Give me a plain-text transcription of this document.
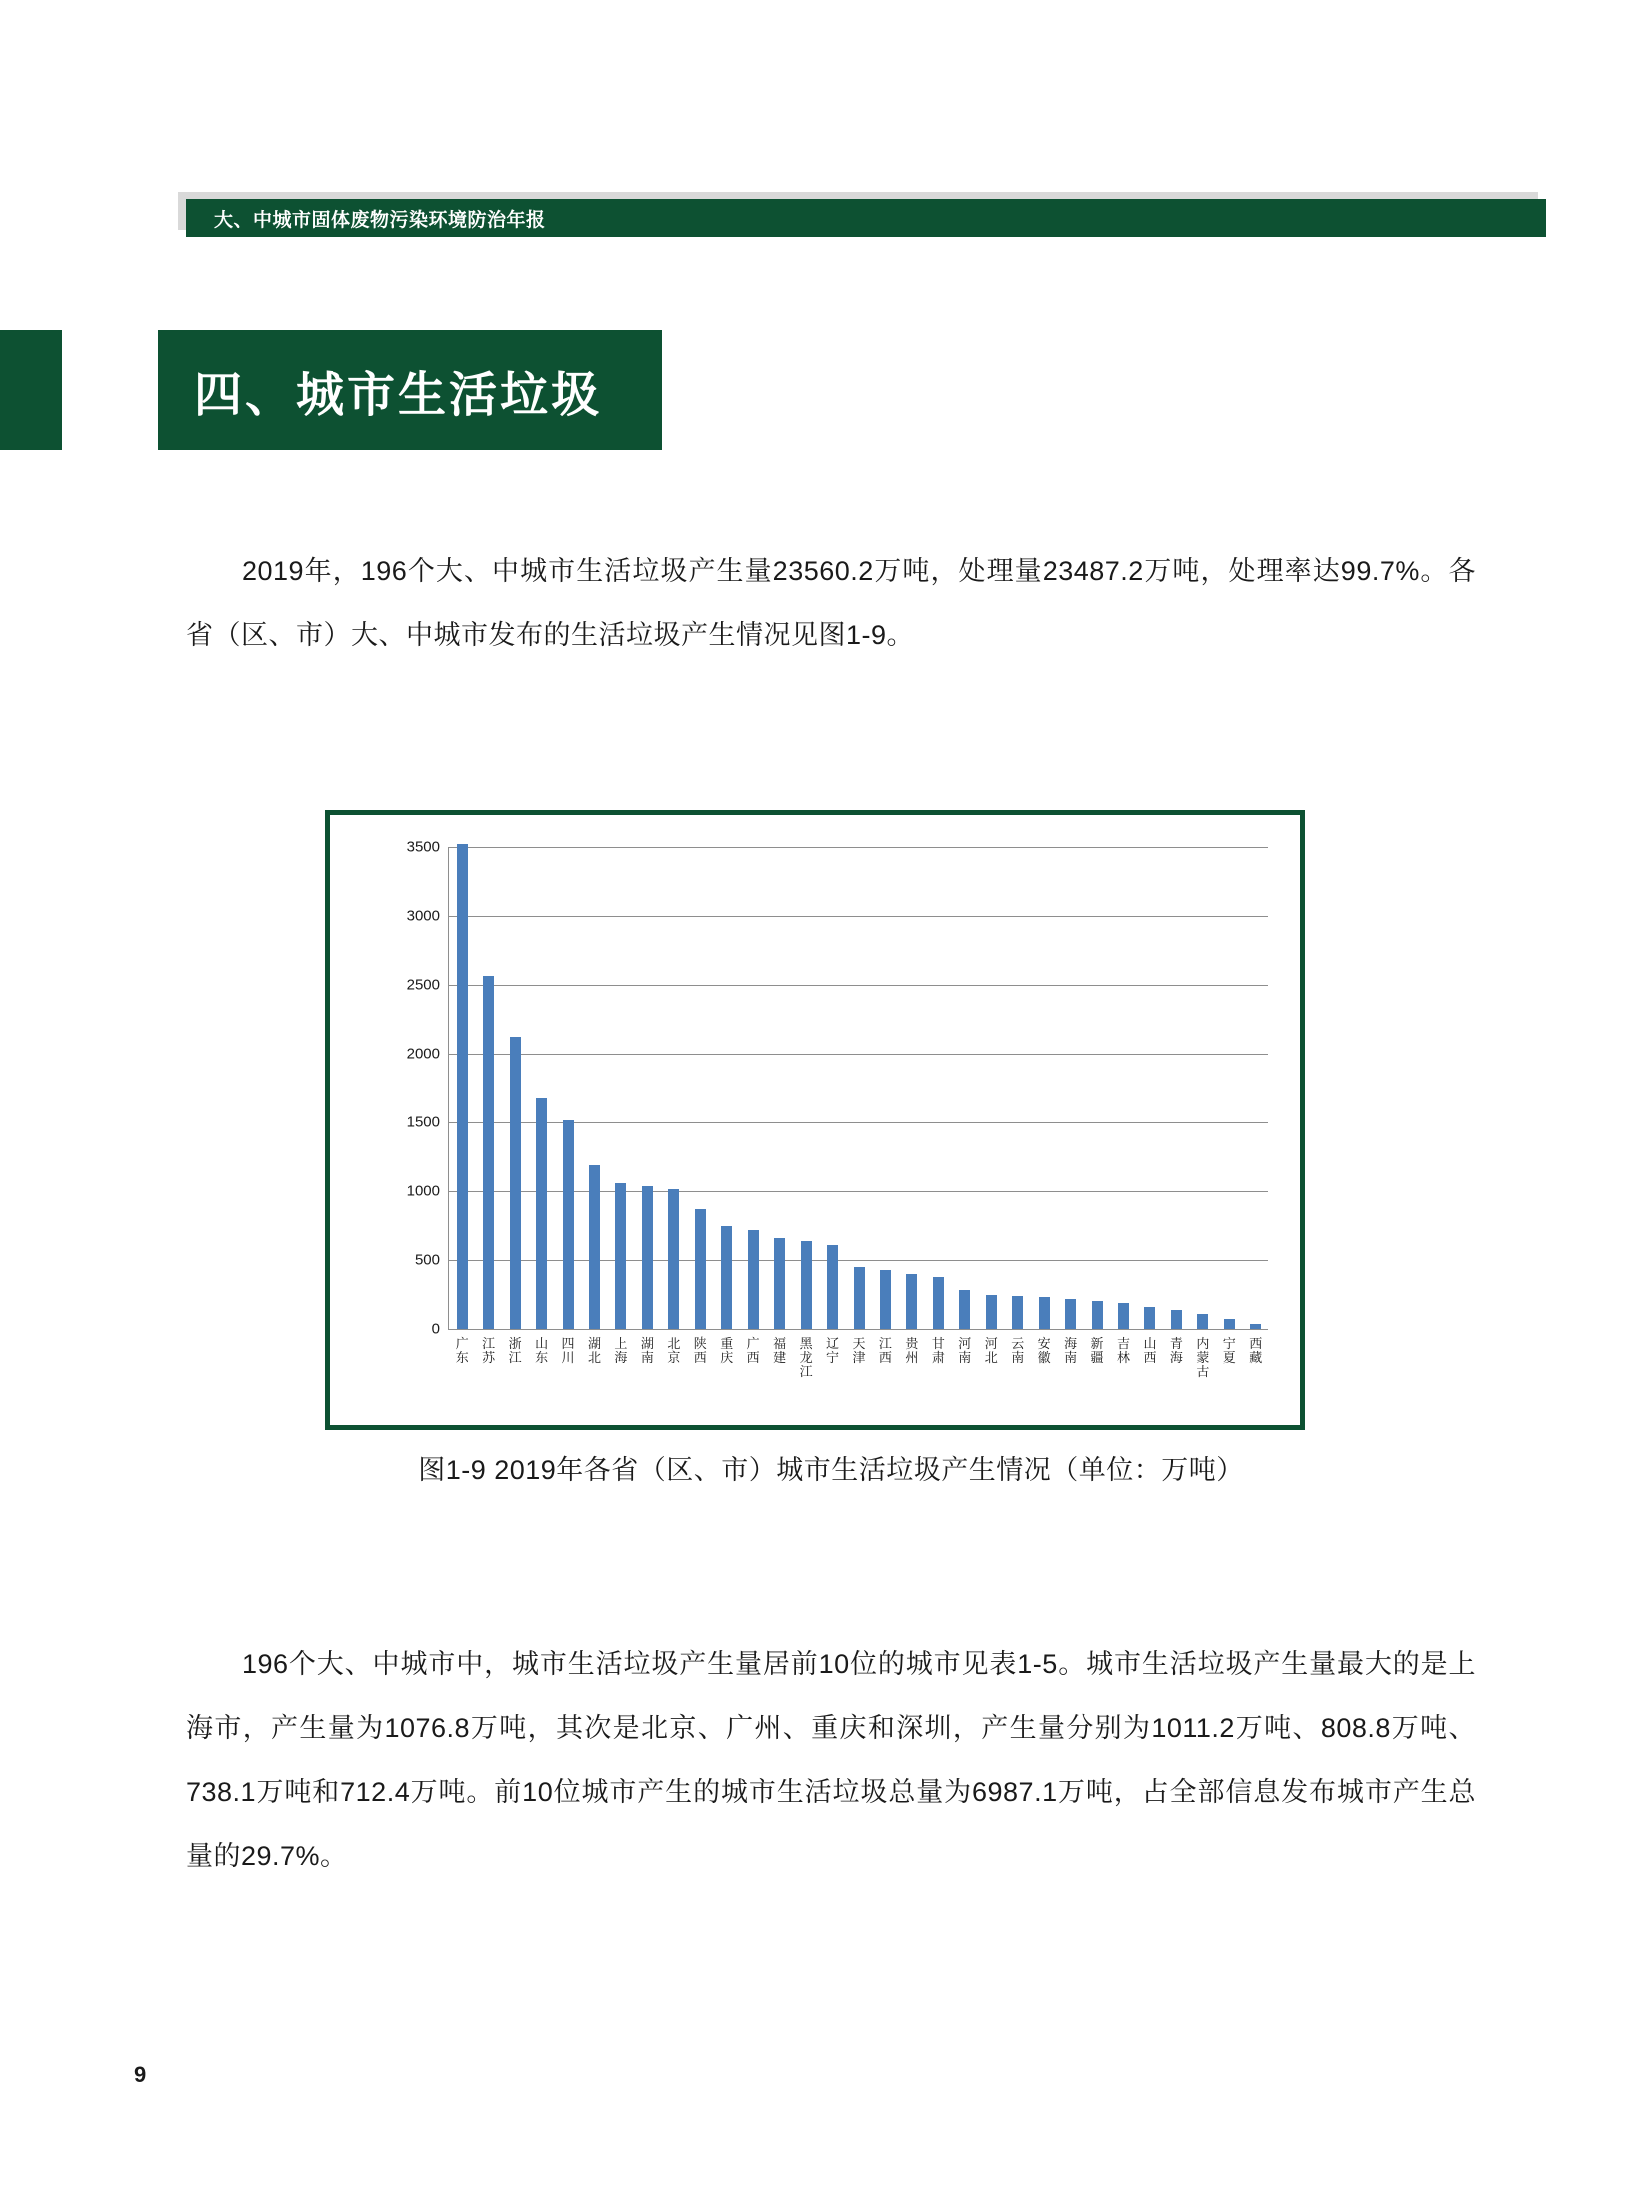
大、中城市固体废物污染环境防治年报
四、城市生活垃圾

2019年，196个大、中城市生活垃圾产生量23560.2万吨，处理量23487.2万吨，处理率达99.7%。各省（区、市）大、中城市发布的生活垃圾产生情况见图1-9。

0
500
1000
1500
2000
2500
3000
3500
广东
江苏
浙江
山东
四川
湖北
上海
湖南
北京
陕西
重庆
广西
福建
黑龙江
辽宁
天津
江西
贵州
甘肃
河南
河北
云南
安徽
海南
新疆
吉林
山西
青海
内蒙古
宁夏
西藏
图1-9 2019年各省（区、市）城市生活垃圾产生情况（单位：万吨）

196个大、中城市中，城市生活垃圾产生量居前10位的城市见表1-5。城市生活垃圾产生量最大的是上海市，产生量为1076.8万吨，其次是北京、广州、重庆和深圳，产生量分别为1011.2万吨、808.8万吨、738.1万吨和712.4万吨。前10位城市产生的城市生活垃圾总量为6987.1万吨，占全部信息发布城市产生总量的29.7%。

9
